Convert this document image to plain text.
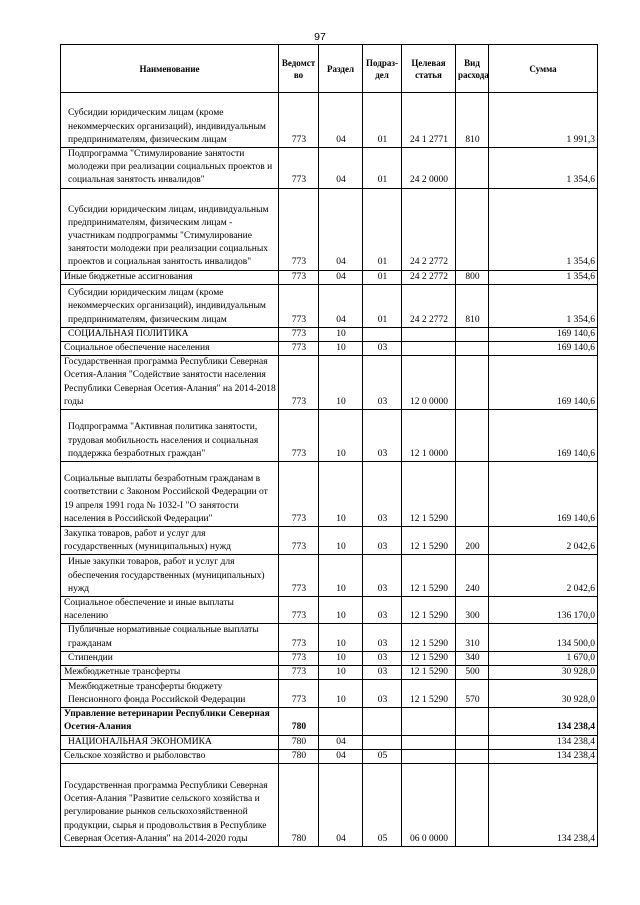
97
Наименование	Ведомст во	Раздел	Подраз-дел	Целевая статья	Вид расхода	Сумма
Субсидии юридическим лицам (кроме некоммерческих организаций), индивидуальным предпринимателям, физическим лицам	773	04	01	24 1 2771	810	1 991,3
Подпрограмма "Стимулирование занятости молодежи при реализации социальных проектов и социальная занятость инвалидов"	773	04	01	24 2 0000		1 354,6
Субсидии юридическим лицам, индивидуальным предпринимателям, физическим лицам - участникам подпрограммы "Стимулирование занятости молодежи при реализации социальных проектов и социальная занятость инвалидов"	773	04	01	24 2 2772		1 354,6
Иные бюджетные ассигнования	773	04	01	24 2 2772	800	1 354,6
Субсидии юридическим лицам (кроме некоммерческих организаций), индивидуальным предпринимателям, физическим лицам	773	04	01	24 2 2772	810	1 354,6
СОЦИАЛЬНАЯ ПОЛИТИКА	773	10				169 140,6
Социальное обеспечение населения	773	10	03			169 140,6
Государственная программа Республики Северная Осетия-Алания "Содействие занятости населения Республики Северная Осетия-Алания" на 2014-2018 годы	773	10	03	12 0 0000		169 140,6
Подпрограмма "Активная политика занятости, трудовая мобильность населения и социальная поддержка безработных граждан"	773	10	03	12 1 0000		169 140,6
Социальные выплаты безработным гражданам в соответствии с Законом Российской Федерации от 19 апреля 1991 года № 1032-I "О занятости населения в Российской Федерации"	773	10	03	12 1 5290		169 140,6
Закупка товаров, работ и услуг для государственных (муниципальных) нужд	773	10	03	12 1 5290	200	2 042,6
Иные закупки товаров, работ и услуг для обеспечения государственных (муниципальных) нужд	773	10	03	12 1 5290	240	2 042,6
Социальное обеспечение и иные выплаты населению	773	10	03	12 1 5290	300	136 170,0
Публичные нормативные социальные выплаты гражданам	773	10	03	12 1 5290	310	134 500,0
Стипендии	773	10	03	12 1 5290	340	1 670,0
Межбюджетные трансферты	773	10	03	12 1 5290	500	30 928,0
Межбюджетные трансферты бюджету Пенсионного фонда Российской Федерации	773	10	03	12 1 5290	570	30 928,0
Управление ветеринарии Республики Северная Осетия-Алания	780					134 238,4
НАЦИОНАЛЬНАЯ ЭКОНОМИКА	780	04				134 238,4
Сельское хозяйство и рыболовство	780	04	05			134 238,4
Государственная программа Республики Северная Осетия-Алания "Развитие сельского хозяйства и регулирование рынков сельскохозяйственной продукции, сырья и продовольствия в Республике Северная Осетия-Алания" на 2014-2020 годы	780	04	05	06 0 0000		134 238,4
